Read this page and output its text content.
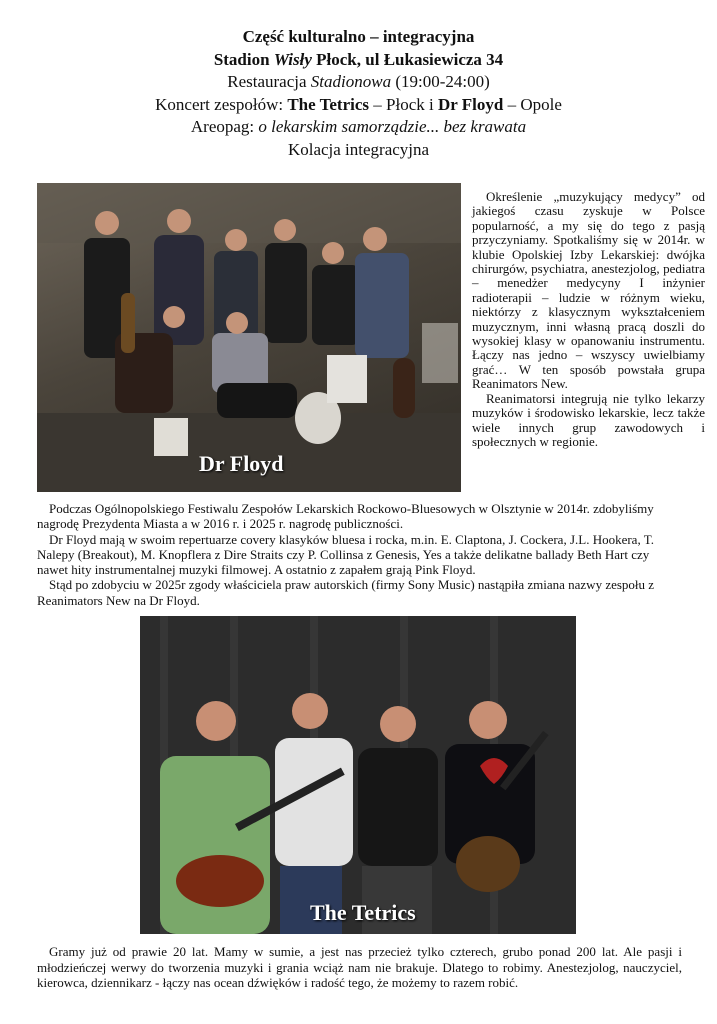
Część kulturalno – integracyjna
Stadion Wisły Płock, ul Łukasiewicza 34
Restauracja Stadionowa (19:00-24:00)
Koncert zespołów: The Tetrics – Płock i Dr Floyd – Opole
Areopag: o lekarskim samorządzie... bez krawata
Kolacja integracyjna
Dr Floyd

Określenie „muzykujący medycy” od jakiegoś czasu zyskuje w Polsce popularność, a my się do tego z pasją przyczyniamy. Spotkaliśmy się w 2014r. w klubie Opolskiej Izby Lekarskiej: dwójka chirurgów, psychiatra, anestezjolog, pediatra – menedżer medycyny I inżynier radioterapii – ludzie w różnym wieku, niektórzy z klasycznym wykształceniem muzycznym, inni własną pracą doszli do wysokiej klasy w opanowaniu instrumentu. Łączy nas jedno – wszyscy uwielbiamy grać… W ten sposób powstała grupa Reanimators New.

Reanimatorsi integrują nie tylko lekarzy muzyków i środowisko lekarskie, lecz także wiele innych grup zawodowych i społecznych w regionie.

Podczas Ogólnopolskiego Festiwalu Zespołów Lekarskich Rockowo-Bluesowych w Olsztynie w 2014r. zdobyliśmy nagrodę Prezydenta Miasta a w 2016 r. i 2025 r. nagrodę publiczności.

Dr Floyd mają w swoim repertuarze covery klasyków bluesa i rocka, m.in. E. Claptona, J. Cockera, J.L. Hookera, T. Nalepy (Breakout), M. Knopflera z Dire Straits czy P. Collinsa z Genesis, Yes a także delikatne ballady Beth Hart czy nawet hity instrumentalnej muzyki filmowej. A ostatnio z zapałem grają Pink Floyd.

Stąd po zdobyciu w 2025r zgody właściciela praw autorskich (firmy Sony Music) nastąpiła zmiana nazwy zespołu z Reanimators New na Dr Floyd.

The Tetrics

Gramy już od prawie 20 lat. Mamy w sumie, a jest nas przecież tylko czterech, grubo ponad 200 lat. Ale pasji i młodzieńczej werwy do tworzenia muzyki i grania wciąż nam nie brakuje. Dlatego to robimy. Anestezjolog, nauczyciel, kierowca, dziennikarz - łączy nas ocean dźwięków i radość tego, że możemy to razem robić.
